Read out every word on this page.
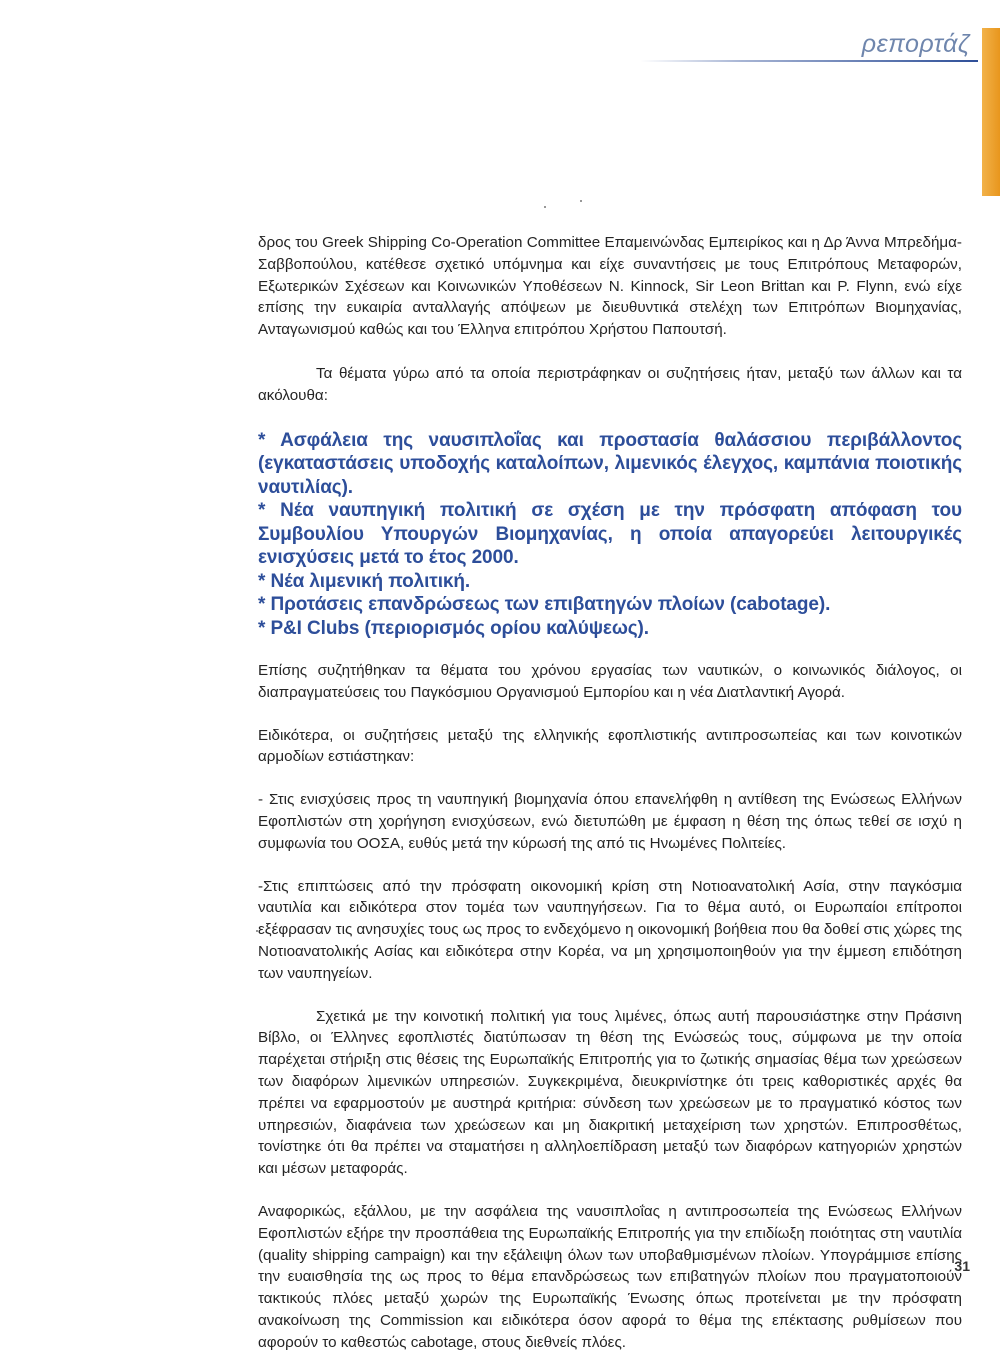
ρεπορτάζ

δρος του Greek Shipping Co-Operation Committee Επαμεινώνδας Εμπειρίκος και η Δρ Άννα Μπρεδήμα-Σαββοπούλου, κατέθεσε σχετικό υπόμνημα και είχε συναντήσεις με τους Επιτρόπους Μεταφορών, Εξωτερικών Σχέσεων και Κοινωνικών Υποθέσεων N. Kinnock, Sir Leon Brittan και P. Flynn, ενώ είχε επίσης την ευκαιρία ανταλλαγής απόψεων με διευθυντικά στελέχη των Επιτρόπων Βιομηχανίας, Ανταγωνισμού καθώς και του Έλληνα επιτρόπου Χρήστου Παπουτσή.

Τα θέματα γύρω από τα οποία περιστράφηκαν οι συζητήσεις ήταν, μεταξύ των άλλων και τα ακόλουθα:

* Ασφάλεια της ναυσιπλοΐας και προστασία θαλάσσιου περιβάλλοντος (εγκαταστάσεις υποδοχής καταλοίπων, λιμενικός έλεγχος, καμπάνια ποιοτικής ναυτιλίας).
* Νέα ναυπηγική πολιτική σε σχέση με την πρόσφατη απόφαση του Συμβουλίου Υπουργών Βιομηχανίας, η οποία απαγορεύει λειτουργικές ενισχύσεις μετά το έτος 2000.
* Νέα λιμενική πολιτική.
* Προτάσεις επανδρώσεως των επιβατηγών πλοίων (cabotage).
* P&I Clubs (περιορισμός ορίου καλύψεως).

Επίσης συζητήθηκαν τα θέματα του χρόνου εργασίας των ναυτικών, ο κοινωνικός διάλογος, οι διαπραγματεύσεις του Παγκόσμιου Οργανισμού Εμπορίου και η νέα Διατλαντική Αγορά.

Ειδικότερα, οι συζητήσεις μεταξύ της ελληνικής εφοπλιστικής αντιπροσωπείας και των κοινοτικών αρμοδίων εστιάστηκαν:

- Στις ενισχύσεις προς τη ναυπηγική βιομηχανία όπου επανελήφθη η αντίθεση της Ενώσεως Ελλήνων Εφοπλιστών στη χορήγηση ενισχύσεων, ενώ διετυπώθη με έμφαση η θέση της όπως τεθεί σε ισχύ η συμφωνία του ΟΟΣΑ, ευθύς μετά την κύρωσή της από τις Ηνωμένες Πολιτείες.

-Στις επιπτώσεις από την πρόσφατη οικονομική κρίση στη Νοτιοανατολική Ασία, στην παγκόσμια ναυτιλία και ειδικότερα στον τομέα των ναυπηγήσεων. Για το θέμα αυτό, οι Ευρωπαίοι επίτροποι εξέφρασαν τις ανησυχίες τους ως προς το ενδεχόμενο η οικονομική βοήθεια που θα δοθεί στις χώρες της Νοτιοανατολικής Ασίας και ειδικότερα στην Κορέα, να μη χρησιμοποιηθούν για την έμμεση επιδότηση των ναυπηγείων.

Σχετικά με την κοινοτική πολιτική για τους λιμένες, όπως αυτή παρουσιάστηκε στην Πράσινη Βίβλο, οι Έλληνες εφοπλιστές διατύπωσαν τη θέση της Ενώσεώς τους, σύμφωνα με την οποία παρέχεται στήριξη στις θέσεις της Ευρωπαϊκής Επιτροπής για το ζωτικής σημασίας θέμα των χρεώσεων των διαφόρων λιμενικών υπηρεσιών. Συγκεκριμένα, διευκρινίστηκε ότι τρεις καθοριστικές αρχές θα πρέπει να εφαρμοστούν με αυστηρά κριτήρια: σύνδεση των χρεώσεων με το πραγματικό κόστος των υπηρεσιών, διαφάνεια των χρεώσεων και μη διακριτική μεταχείριση των χρηστών. Επιπροσθέτως, τονίστηκε ότι θα πρέπει να σταματήσει η αλληλοεπίδραση μεταξύ των διαφόρων κατηγοριών χρηστών και μέσων μεταφοράς.

Αναφορικώς, εξάλλου, με την ασφάλεια της ναυσιπλοΐας η αντιπροσωπεία της Ενώσεως Ελλήνων Εφοπλιστών εξήρε την προσπάθεια της Ευρωπαϊκής Επιτροπής για την επιδίωξη ποιότητας στη ναυτιλία (quality shipping campaign) και την εξάλειψη όλων των υποβαθμισμένων πλοίων. Υπογράμμισε επίσης την ευαισθησία της ως προς το θέμα επανδρώσεως των επιβατηγών πλοίων που πραγματοποιούν τακτικούς πλόες μεταξύ χωρών της Ευρωπαϊκής Ένωσης όπως προτείνεται με την πρόσφατη ανακοίνωση της Commission και ειδικότερα όσον αφορά το θέμα της επέκτασης ρυθμίσεων που αφορούν το καθεστώς cabotage, στους διεθνείς πλόες.

31
